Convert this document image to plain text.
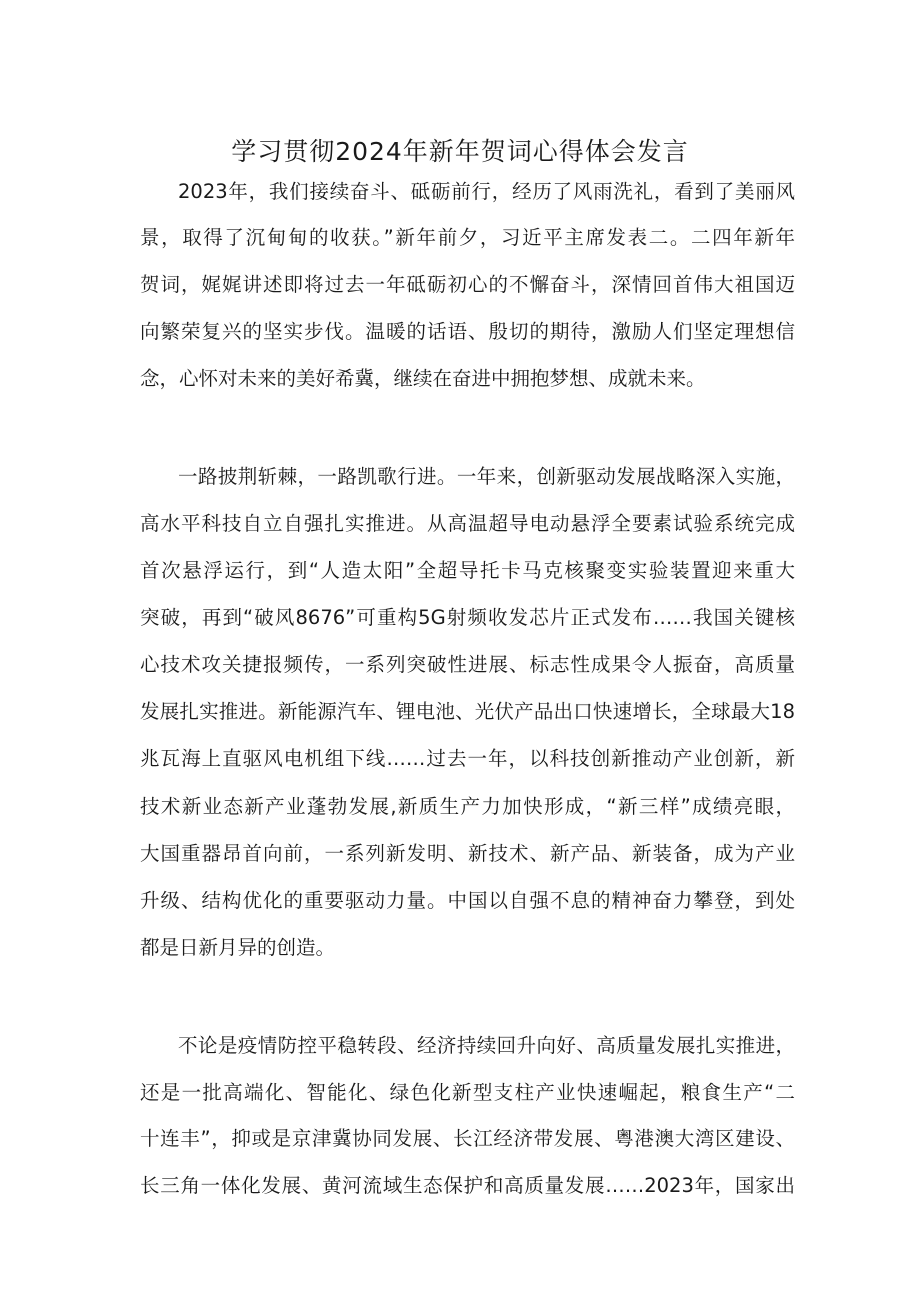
学习贯彻2024年新年贺词心得体会发言
2023年，我们接续奋斗、砥砺前行，经历了风雨洗礼，看到了美丽风
景，取得了沉甸甸的收获。”新年前夕，习近平主席发表二。二四年新年
贺词，娓娓讲述即将过去一年砥砺初心的不懈奋斗，深情回首伟大祖国迈
向繁荣复兴的坚实步伐。温暖的话语、殷切的期待，激励人们坚定理想信
念，心怀对未来的美好希冀，继续在奋进中拥抱梦想、成就未来。
一路披荆斩棘，一路凯歌行进。一年来，创新驱动发展战略深入实施，
高水平科技自立自强扎实推进。从高温超导电动悬浮全要素试验系统完成
首次悬浮运行，到“人造太阳”全超导托卡马克核聚变实验装置迎来重大
突破，再到“破风8676”可重构5G射频收发芯片正式发布……我国关键核
心技术攻关捷报频传，一系列突破性进展、标志性成果令人振奋，高质量
发展扎实推进。新能源汽车、锂电池、光伏产品出口快速增长，全球最大18
兆瓦海上直驱风电机组下线……过去一年，以科技创新推动产业创新，新
技术新业态新产业蓬勃发展,新质生产力加快形成，“新三样”成绩亮眼，
大国重器昂首向前，一系列新发明、新技术、新产品、新装备，成为产业
升级、结构优化的重要驱动力量。中国以自强不息的精神奋力攀登，到处
都是日新月异的创造。
不论是疫情防控平稳转段、经济持续回升向好、高质量发展扎实推进，
还是一批高端化、智能化、绿色化新型支柱产业快速崛起，粮食生产“二
十连丰”，抑或是京津冀协同发展、长江经济带发展、粤港澳大湾区建设、
长三角一体化发展、黄河流域生态保护和高质量发展……2023年，国家出
